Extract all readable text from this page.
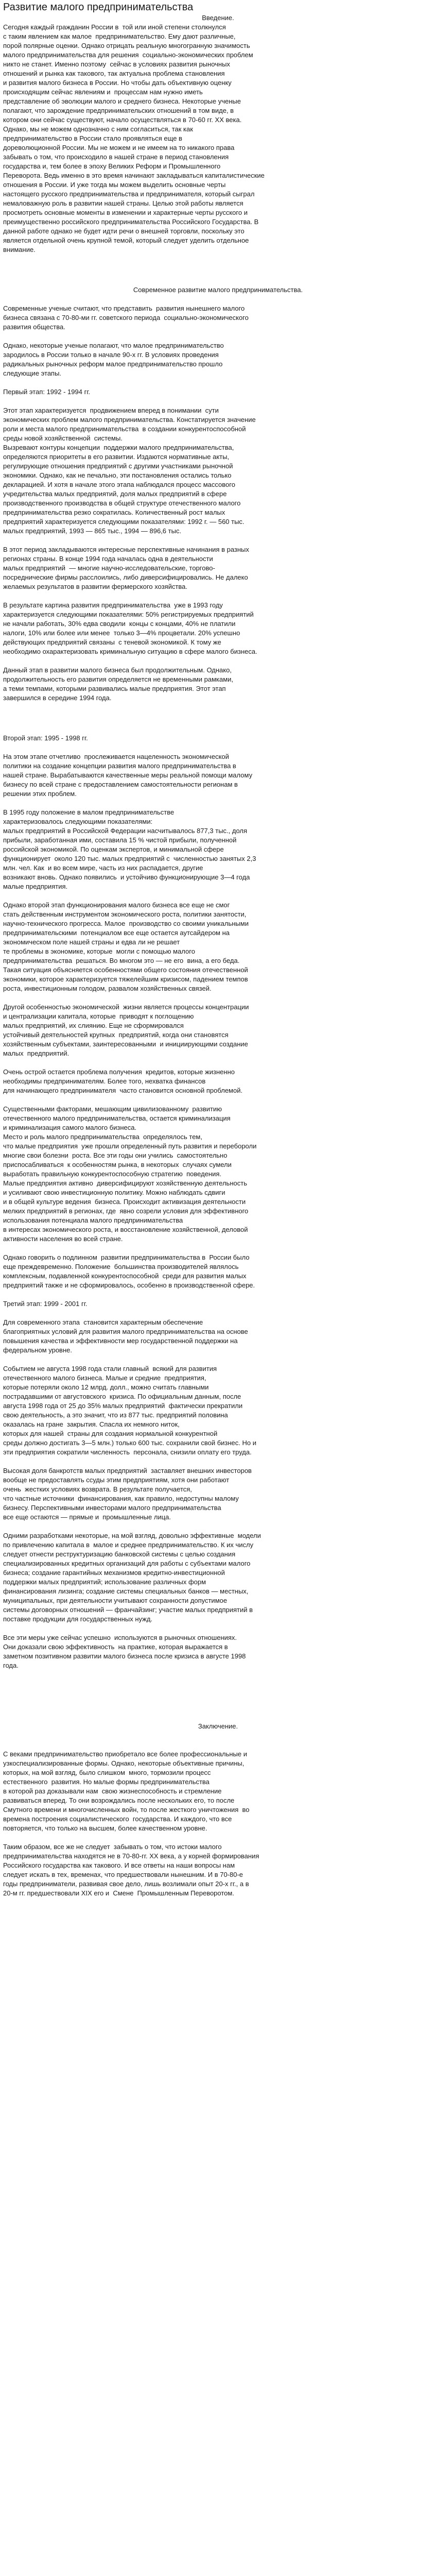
Развитие малого предпринимательства

Введение.

Сегодня каждый гражданин России в  той или иной степени столкнулся
с таким явлением как малое  предпринимательство. Ему дают различные,
порой полярные оценки. Однако отрицать реальную многогранную значимость
малого предпринимательства для решения  социально-экономических проблем
никто не станет. Именно поэтому  сейчас в условиях развития рыночных
отношений и рынка как такового, так актуальна проблема становления
и развития малого бизнеса в России. Но чтобы дать объективную оценку
происходящим сейчас явлениям и  процессам нам нужно иметь
представление об эволюции малого и среднего бизнеса. Некоторые ученые
полагают, что зарождение предпринимательских отношений в том виде, в
котором они сейчас существуют, начало осуществляться в 70-60 гг. ХХ века.
Однако, мы не можем однозначно с ним согласиться, так как
предпринимательство в России стало проявляться еще в
дореволюционной России. Мы не можем и не имеем на то никакого права
забывать о том, что происходило в нашей стране в период становления
государства и, тем более в эпоху Великих Реформ и Промышленного
Переворота. Ведь именно в это время начинают закладываться капиталистические
отношения в России. И уже тогда мы можем выделить основные черты
настоящего русского предпринимательства и предпринимателя, который сыграл
немаловажную роль в развитии нашей страны. Целью этой работы является
просмотреть основные моменты в изменении и характерные черты русского и
преимущественно российского предпринимательства Российского Государства. В
данной работе однако не будет идти речи о внешней торговли, поскольку это
является отдельной очень крупной темой, который следует уделить отдельное
внимание.

Современное развитие малого предпринимательства.

Современные ученые считают, что представить  развития нынешнего малого
бизнеса связана с 70-80-ми гг. советского периода  социально-экономического
развития общества.

Однако, некоторые ученые полагают, что малое предпринимательство
зародилось в России только в начале 90-х гг. В условиях проведения
радикальных рыночных реформ малое предпринимательство прошло
следующие этапы.

Первый этап: 1992 - 1994 гг.

Этот этап характеризуется  продвижением вперед в понимании  сути
экономических проблем малого предпринимательства. Констатируется значение
роли и места малого предпринимательства  в создании конкурентоспособной
среды новой хозяйственной  системы.

Вызревают контуры концепции  поддержки малого предпринимательства,
определяются приоритеты в его развитии. Издаются нормативные акты,
регулирующие отношения предприятий с другими участниками рыночной
экономики. Однако, как не печально, эти постановления остались только
декларацией. И хотя в начале этого этапа наблюдался процесс массового
учредительства малых предприятий, доля малых предприятий в сфере
производственного производства в общей структуре отечественного малого
предпринимательства резко сократилась. Количественный рост малых
предприятий характеризуется следующими показателями: 1992 г. — 560 тыс.
малых предприятий, 1993 — 865 тыс., 1994 — 896,6 тыс.

В этот период закладываются интересные перспективные начинания в разных
регионах страны. В конце 1994 года началась одна в деятельности
малых предприятий  — многие научно-исследовательские, торгово-
посреднические фирмы расслоились, либо диверсифицировались. Не далеко
желаемых результатов в развитии фермерского хозяйства.

В результате картина развития предпринимательства  уже в 1993 году
характеризуется следующими показателями: 50% регистрируемых предприятий
не начали работать, 30% едва сводили  концы с концами, 40% не платили
налоги, 10% или более или менее  только 3—4% процветали. 20% успешно
действующих предприятий связаны  с теневой экономикой. К тому же
необходимо охарактеризовать криминальную ситуацию в сфере малого бизнеса.

Данный этап в развитии малого бизнеса был продолжительным. Однако,
продолжительность его развития определяется не временными рамками,
а теми темпами, которыми развивались малые предприятия. Этот этап
завершился в середине 1994 года.

Второй этап: 1995 - 1998 гг.

На этом этапе отчетливо  прослеживается нацеленность экономической
политики на создание концепции развития малого предпринимательства в
нашей стране. Вырабатываются качественные меры реальной помощи малому
бизнесу по всей стране с предоставлением самостоятельности регионам в
решении этих проблем.

В 1995 году положение в малом предпринимательстве
характеризовалось следующими показателями:
малых предприятий в Российской Федерации насчитывалось 877,3 тыс., доля
прибыли, заработанная ими, составила 15 % чистой прибыли, полученной
российской экономикой. По оценкам экспертов, и минимальной сфере
функционирует  около 120 тыс. малых предприятий с  численностью занятых 2,3
млн. чел. Как  и во всем мире, часть из них распадается, другие
возникают вновь. Однако появились  и устойчиво функционирующие 3—4 года
малые предприятия.

Однако второй этап функционирования малого бизнеса все еще не смог
стать действенным инструментом экономического роста, политики занятости,
научно-технического прогресса. Малое  производство со своими уникальными
предпринимательскими  потенциалом все еще остается аутсайдером на
экономическом поле нашей страны и едва ли не решает
те проблемы в экономике, которые  могли с помощью малого
предпринимательства  решаться. Во многом это — не его  вина, а его беда.
Такая ситуация объясняется особенностями общего состояния отечественной
экономики, которое характеризуется тяжелейшим кризисом, падением темпов
роста, инвестиционным голодом, развалом хозяйственных связей.

Другой особенностью экономической  жизни является процессы концентрации
и централизации капитала, которые  приводят к поглощению
малых предприятий, их слиянию. Еще не сформировался
устойчивый деятельностей крупных  предприятий, когда они становятся
хозяйственным субъектами, заинтересованными  и инициирующими создание
малых  предприятий.

Очень острой остается проблема получения  кредитов, которые жизненно
необходимы предпринимателям. Более того, нехватка финансов
для начинающего предпринимателя  часто становится основной проблемой.

Существенными факторами, мешающим цивилизованному  развитию
отечественного малого предпринимательства, остается криминализация
и криминализация самого малого бизнеса.

Место и роль малого предпринимательства  определялось тем,
что малые предприятия  уже прошли определенный путь развития и перебороли
многие свои болезни  роста. Все эти годы они учились  самостоятельно
приспосабливаться  к особенностям рынка, в некоторых  случаях сумели
выработать правильную конкурентоспособную стратегию  поведения.
Малые предприятия активно  диверсифицируют хозяйственную деятельность
и усиливают свою инвестиционную политику. Можно наблюдать сдвиги
и в общей культуре ведения  бизнеса. Происходит активизация деятельности
мелких предприятий в регионах, где  явно созрели условия для эффективного
использования потенциала малого предпринимательства
в интересах экономического роста, и восстановление хозяйственной, деловой
активности населения во всей стране.

Однако говорить о подлинном  развитии предпринимательства в  России было
еще преждевременно. Положение  большинства производителей являлось
комплексным, подавленной конкурентоспособной  среди для развития малых
предприятий также и не сформировалось, особенно в производственной сфере.

Третий этап: 1999 - 2001 гг.

Для современного этапа  становится характерным обеспечение
благоприятных условий для развития малого предпринимательства на основе
повышения качества и эффективности мер государственной поддержки на
федеральном уровне.

Событием не августа 1998 года стали главный  всякий для развития
отечественного малого бизнеса. Малые и средние  предприятия,
которые потеряли около 12 млрд. долл., можно считать главными
пострадавшими от августовского  кризиса. По официальным данным, после
августа 1998 года от 25 до 35% малых предприятий  фактически прекратили
свою деятельность, а это значит, что из 877 тыс. предприятий половина
оказалась на гране  закрытия. Спасла их немного ниток,
которых для нашей  страны для создания нормальной конкурентной
среды должно достигать 3—5 млн.) только 600 тыс. сохранили свой бизнес. Но и
эти предприятия сократили численность  персонала, снизили оплату его труда.

Высокая доля банкротств малых предприятий  заставляет внешних инвесторов
вообще не предоставлять ссуды этим предприятиям, хотя они работают
очень  жестких условиях возврата. В результате получается,
что частные источники  финансирования, как правило, недоступны малому
бизнесу. Перспективными инвесторами малого предпринимательства
все еще остаются — прямые и  промышленные лица.

Одними разработками некоторые, на мой взгляд, довольно эффективные  модели
по привлечению капитала в  малое и среднее предпринимательство. К их числу
следует отнести реструктуризацию банковской системы с целью создания
специализированных кредитных организаций для работы с субъектами малого
бизнеса; создание гарантийных механизмов кредитно-инвестиционной
поддержки малых предприятий; использование различных форм
финансирования лизинга; создание системы специальных банков — местных,
муниципальных, при деятельности учитывают сохранности допустимое
системы договорных отношений — франчайзинг; участие малых предприятий в
поставке продукции для государственных нужд.

Все эти меры уже сейчас успешно  используются в рыночных отношениях.
Они доказали свою эффективность  на практике, которая выражается в
заметном позитивном развитии малого бизнеса после кризиса в августе 1998
года.

Заключение.

С веками предпринимательство приобретало все более профессиональные и
узкоспециализированные формы. Однако, некоторые объективные причины,
которых, на мой взгляд, было слишком  много, тормозили процесс
естественного  развития. Но малые формы предпринимательства
в которой раз доказывали нам  свою жизнеспособность и стремление
развиваться вперед. То они возрождались после нескольких его, то после
Смутного времени и многочисленных войн, то после жесткого уничтожения  во
времена построения социалистического  государства. И каждого, что все
повторяется, что только на высшем, более качественном уровне.

Таким образом, все же не следует  забывать о том, что истоки малого
предпринимательства находятся не в 70-80-гг. ХХ века, а у корней формирования
Российского государства как такового. И все ответы на наши вопросы нам
следует искать в тех, временах, что предшествовали нынешним. И в 70-80-е
годы предприниматели, развивая свое дело, лишь возлимали опыт 20-х гг., а в
20-м гг. предшествовали ХIХ его и  Смене  Промышленным Переворотом.
